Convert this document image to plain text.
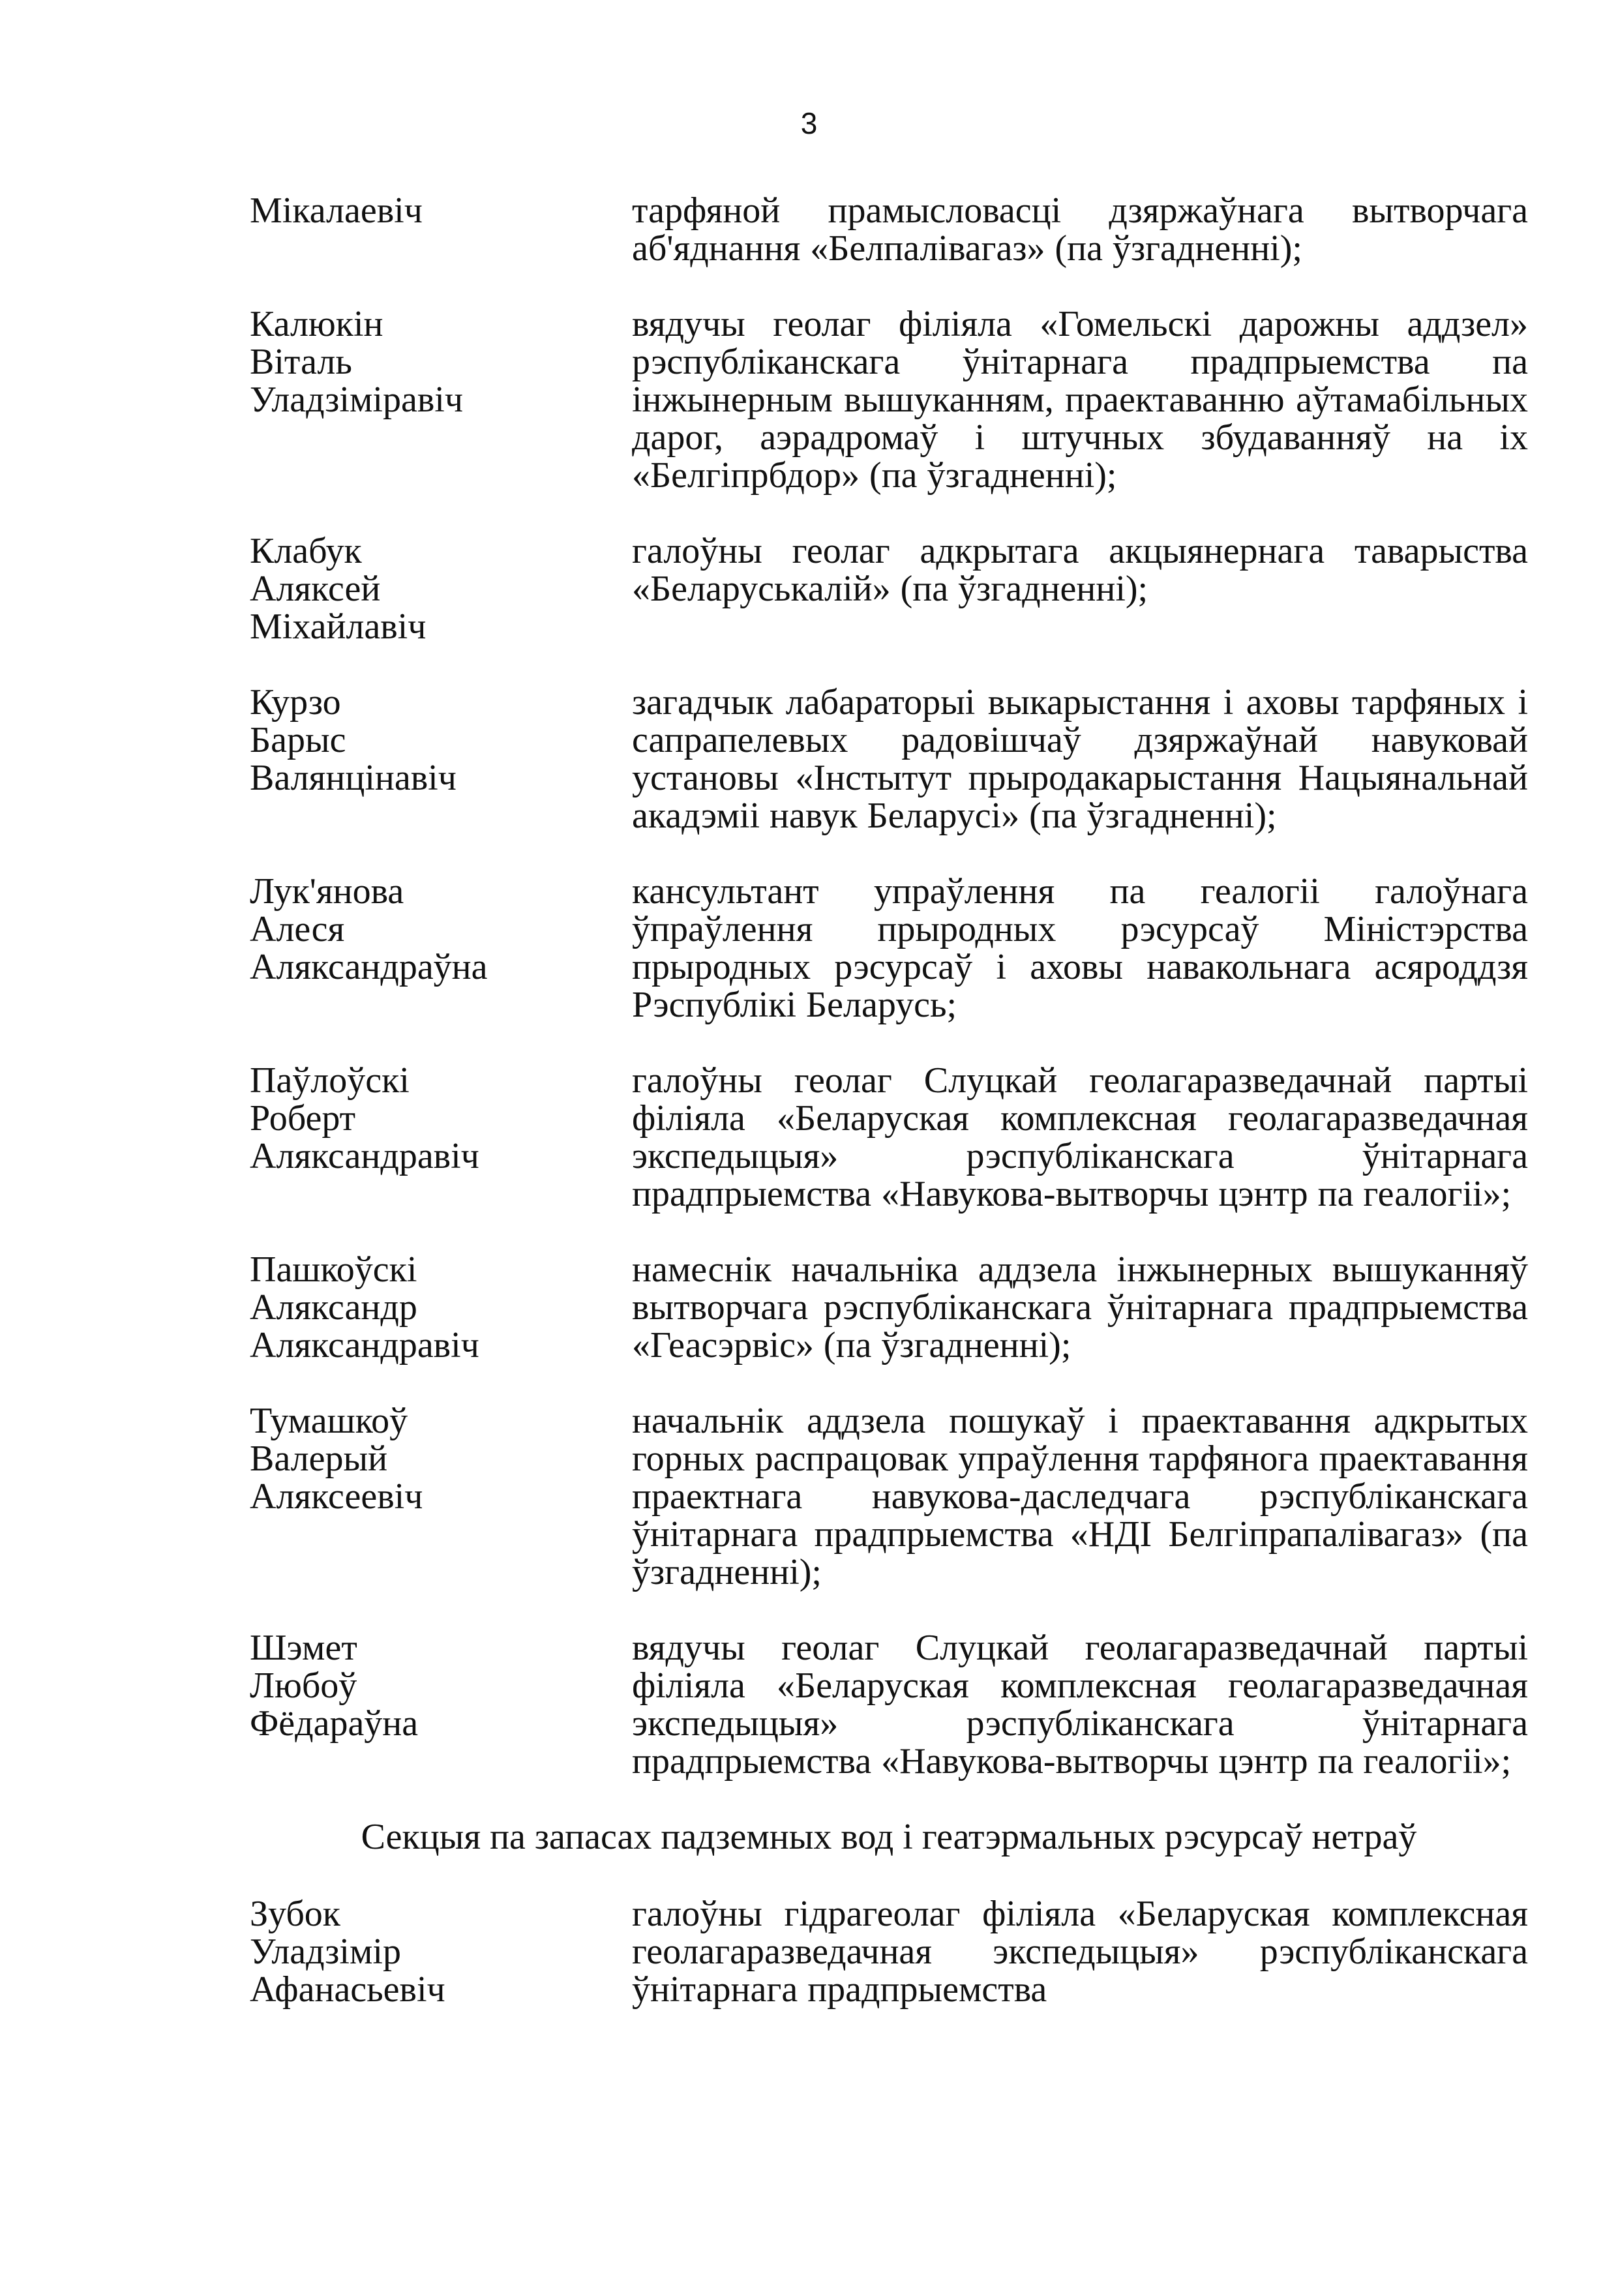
3
Мікалаевіч	тарфяной прамысловасці дзяржаўнага вытворчага аб'яднання «Белпалівагаз» (па ўзгадненні);
Калюкін
Віталь
Уладзіміравіч
вядучы геолаг філіяла «Гомельскі дарожны аддзел» рэспубліканскага ўнітарнага прадпрыемства па інжынерным вышуканням, праектаванню аўтамабільных дарог, аэрадромаў і штучных збудаванняў на іх «Белгіпрбдор» (па ўзгадненні);
Клабук
Аляксей
Міхайлавіч
галоўны геолаг адкрытага акцыянернага таварыства «Беларуськалій» (па ўзгадненні);
Курзо
Барыс
Валянцінавіч
загадчык лабараторыі выкарыстання і аховы тарфяных і сапрапелевых радовішчаў дзяржаўнай навуковай установы «Інстытут прыродакарыстання Нацыянальнай акадэміі навук Беларусі» (па ўзгадненні);
Лук'янова
Алеся
Аляксандраўна
кансультант упраўлення па геалогіі галоўнага ўпраўлення прыродных рэсурсаў Міністэрства прыродных рэсурсаў і аховы навакольнага асяроддзя Рэспублікі Беларусь;
Паўлоўскі
Роберт
Аляксандравіч
галоўны геолаг Слуцкай геолагаразведачнай партыі філіяла «Беларуская комплексная геолагаразведачная экспедыцыя» рэспубліканскага ўнітарнага прадпрыемства «Навукова-вытворчы цэнтр па геалогіі»;
Пашкоўскі
Аляксандр
Аляксандравіч
намеснік начальніка аддзела інжынерных вышуканняў вытворчага рэспубліканскага ўнітарнага прадпрыемства «Геасэрвіс» (па ўзгадненні);
Тумашкоў
Валерый
Аляксеевіч
начальнік аддзела пошукаў і праектавання адкрытых горных распрацовак упраўлення тарфянога праектавання праектнага навукова-даследчага рэспубліканскага ўнітарнага прадпрыемства «НДІ Белгіпрапалівагаз» (па ўзгадненні);
Шэмет
Любоў
Фёдараўна
вядучы геолаг Слуцкай геолагаразведачнай партыі філіяла «Беларуская комплексная геолагаразведачная экспедыцыя» рэспубліканскага ўнітарнага прадпрыемства «Навукова-вытворчы цэнтр па геалогіі»;
Секцыя па запасах падземных вод і геатэрмальных рэсурсаў нетраў
Зубок
Уладзімір
Афанасьевіч
галоўны гідрагеолаг філіяла «Беларуская комплексная геолагаразведачная экспедыцыя» рэспубліканскага ўнітарнага прадпрыемства
